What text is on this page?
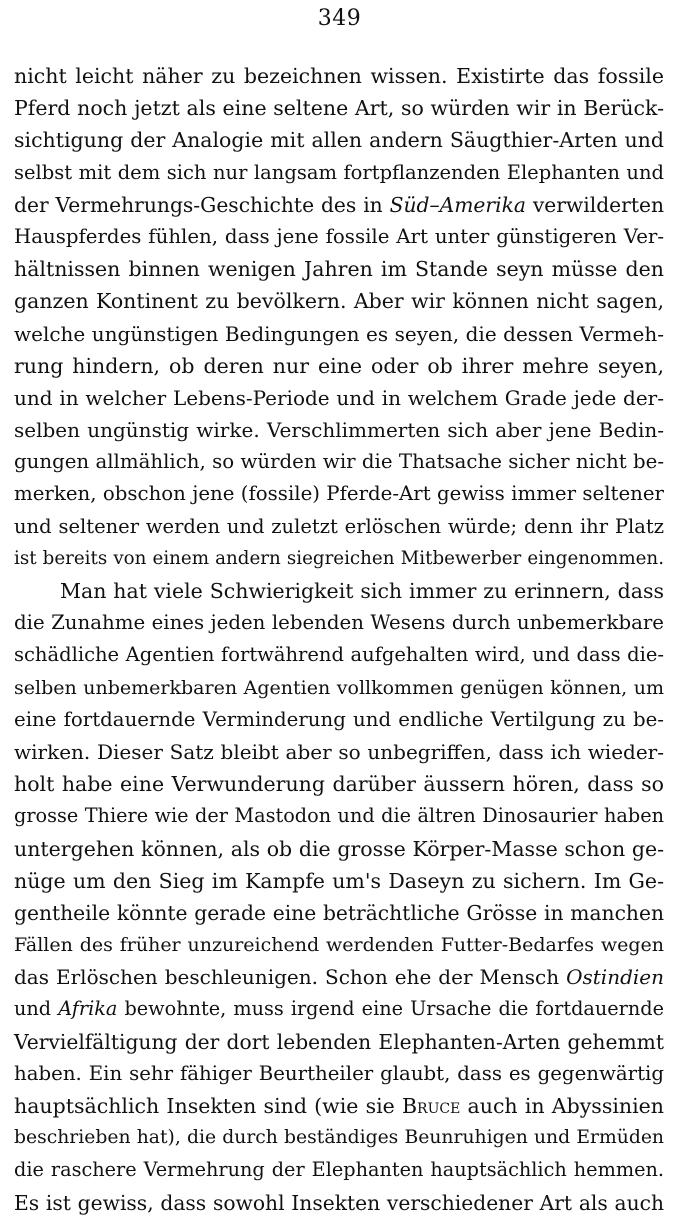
349
nicht leicht näher zu bezeichnen wissen. Existirte das fossile
Pferd noch jetzt als eine seltene Art, so würden wir in Berück-
sichtigung der Analogie mit allen andern Säugthier-Arten und
selbst mit dem sich nur langsam fortpflanzenden Elephanten und
der Vermehrungs-Geschichte des in Süd–Amerika verwilderten
Hauspferdes fühlen, dass jene fossile Art unter günstigeren Ver-
hältnissen binnen wenigen Jahren im Stande seyn müsse den
ganzen Kontinent zu bevölkern. Aber wir können nicht sagen,
welche ungünstigen Bedingungen es seyen, die dessen Vermeh-
rung hindern, ob deren nur eine oder ob ihrer mehre seyen,
und in welcher Lebens-Periode und in welchem Grade jede der-
selben ungünstig wirke. Verschlimmerten sich aber jene Bedin-
gungen allmählich, so würden wir die Thatsache sicher nicht be-
merken, obschon jene (fossile) Pferde-Art gewiss immer seltener
und seltener werden und zuletzt erlöschen würde; denn ihr Platz
ist bereits von einem andern siegreichen Mitbewerber eingenommen.
Man hat viele Schwierigkeit sich immer zu erinnern, dass
die Zunahme eines jeden lebenden Wesens durch unbemerkbare
schädliche Agentien fortwährend aufgehalten wird, und dass die-
selben unbemerkbaren Agentien vollkommen genügen können, um
eine fortdauernde Verminderung und endliche Vertilgung zu be-
wirken. Dieser Satz bleibt aber so unbegriffen, dass ich wieder-
holt habe eine Verwunderung darüber äussern hören, dass so
grosse Thiere wie der Mastodon und die ältren Dinosaurier haben
untergehen können, als ob die grosse Körper-Masse schon ge-
nüge um den Sieg im Kampfe um's Daseyn zu sichern. Im Ge-
gentheile könnte gerade eine beträchtliche Grösse in manchen
Fällen des früher unzureichend werdenden Futter-Bedarfes wegen
das Erlöschen beschleunigen. Schon ehe der Mensch Ostindien
und Afrika bewohnte, muss irgend eine Ursache die fortdauernde
Vervielfältigung der dort lebenden Elephanten-Arten gehemmt
haben. Ein sehr fähiger Beurtheiler glaubt, dass es gegenwärtig
hauptsächlich Insekten sind (wie sie Bruce auch in Abyssinien
beschrieben hat), die durch beständiges Beunruhigen und Ermüden
die raschere Vermehrung der Elephanten hauptsächlich hemmen.
Es ist gewiss, dass sowohl Insekten verschiedener Art als auch
